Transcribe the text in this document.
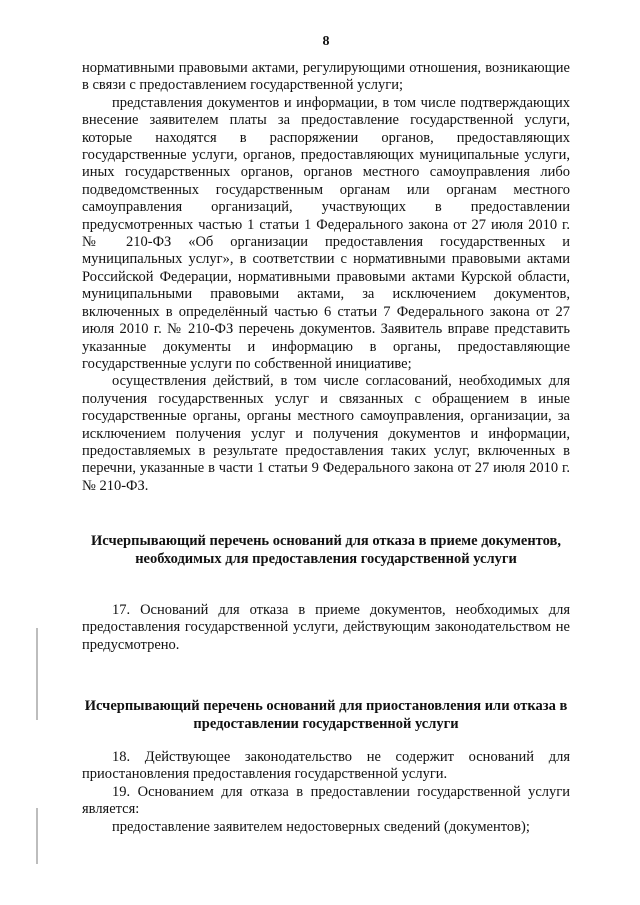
8

нормативными правовыми актами, регулирующими отношения, возникающие в связи с предоставлением государственной услуги;

представления документов и информации, в том числе подтверждающих внесение заявителем платы за предоставление государственной услуги, которые находятся в распоряжении органов, предоставляющих государственные услуги, органов, предоставляющих муниципальные услуги, иных государственных органов, органов местного самоуправления либо подведомственных государственным органам или органам местного самоуправления организаций, участвующих в предоставлении предусмотренных частью 1 статьи 1 Федерального закона от 27 июля 2010 г. № 210-ФЗ «Об организации предоставления государственных и муниципальных услуг», в соответствии с нормативными правовыми актами Российской Федерации, нормативными правовыми актами Курской области, муниципальными правовыми актами, за исключением документов, включенных в определённый частью 6 статьи 7 Федерального закона от 27 июля 2010 г. № 210-ФЗ перечень документов. Заявитель вправе представить указанные документы и информацию в органы, предоставляющие государственные услуги по собственной инициативе;

осуществления действий, в том числе согласований, необходимых для получения государственных услуг и связанных с обращением в иные государственные органы, органы местного самоуправления, организации, за исключением получения услуг и получения документов и информации, предоставляемых в результате предоставления таких услуг, включенных в перечни, указанные в части 1 статьи 9 Федерального закона от 27 июля 2010 г. № 210-ФЗ.

Исчерпывающий перечень оснований для отказа в приеме документов, необходимых для предоставления государственной услуги

17. Оснований для отказа в приеме документов, необходимых для предоставления государственной услуги, действующим законодательством не предусмотрено.

Исчерпывающий перечень оснований для приостановления или отказа в предоставлении государственной услуги

18. Действующее законодательство не содержит оснований для приостановления предоставления государственной услуги.

19. Основанием для отказа в предоставлении государственной услуги является:

предоставление заявителем недостоверных сведений (документов);
